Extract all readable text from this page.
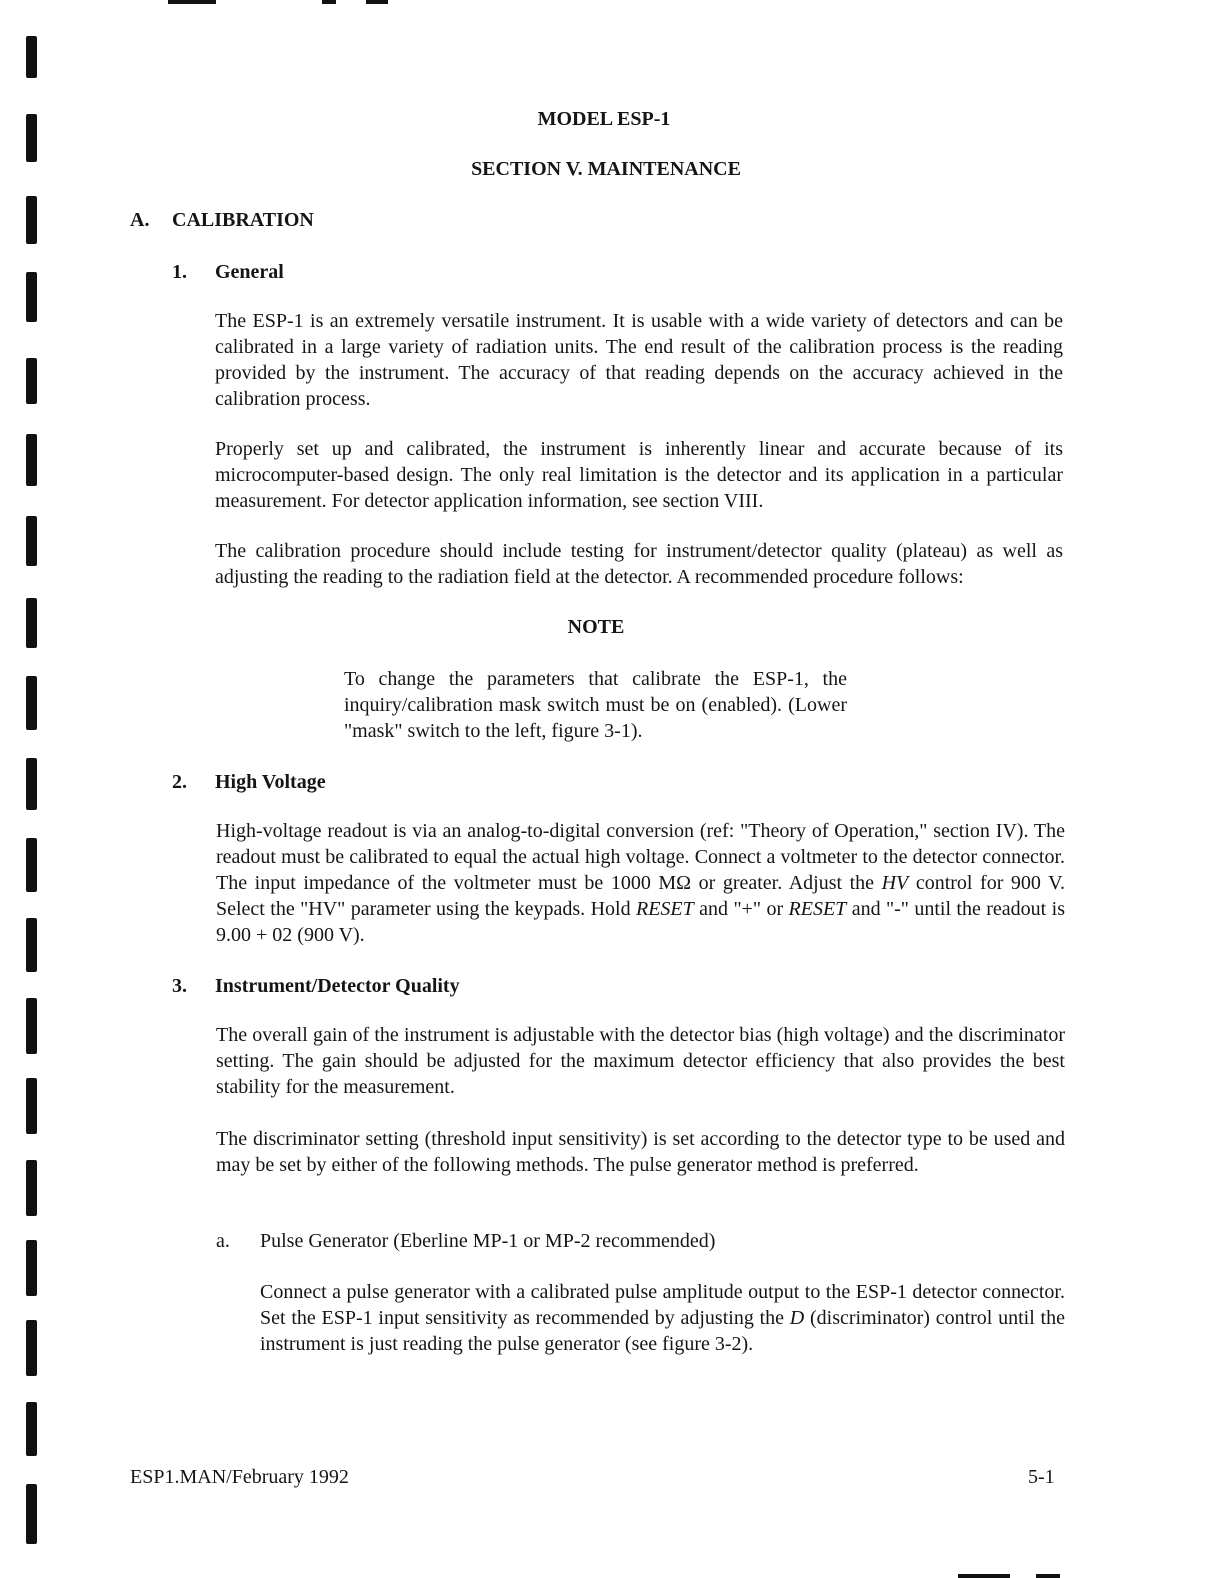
MODEL ESP-1
SECTION V. MAINTENANCE
A. CALIBRATION
1. General
The ESP-1 is an extremely versatile instrument. It is usable with a wide variety of detectors and can be calibrated in a large variety of radiation units. The end result of the calibration process is the reading provided by the instrument. The accuracy of that reading depends on the accuracy achieved in the calibration process.
Properly set up and calibrated, the instrument is inherently linear and accurate because of its microcomputer-based design. The only real limitation is the detector and its application in a particular measurement. For detector application information, see section VIII.
The calibration procedure should include testing for instrument/detector quality (plateau) as well as adjusting the reading to the radiation field at the detector. A recommended procedure follows:
NOTE
To change the parameters that calibrate the ESP-1, the inquiry/calibration mask switch must be on (enabled). (Lower "mask" switch to the left, figure 3-1).
2. High Voltage
High-voltage readout is via an analog-to-digital conversion (ref: "Theory of Operation," section IV). The readout must be calibrated to equal the actual high voltage. Connect a voltmeter to the detector connector. The input impedance of the voltmeter must be 1000 MΩ or greater. Adjust the HV control for 900 V. Select the "HV" parameter using the keypads. Hold RESET and "+" or RESET and "-" until the readout is 9.00 + 02 (900 V).
3. Instrument/Detector Quality
The overall gain of the instrument is adjustable with the detector bias (high voltage) and the discriminator setting. The gain should be adjusted for the maximum detector efficiency that also provides the best stability for the measurement.
The discriminator setting (threshold input sensitivity) is set according to the detector type to be used and may be set by either of the following methods. The pulse generator method is preferred.
a. Pulse Generator (Eberline MP-1 or MP-2 recommended)
Connect a pulse generator with a calibrated pulse amplitude output to the ESP-1 detector connector. Set the ESP-1 input sensitivity as recommended by adjusting the D (discriminator) control until the instrument is just reading the pulse generator (see figure 3-2).
ESP1.MAN/February 1992	5-1
